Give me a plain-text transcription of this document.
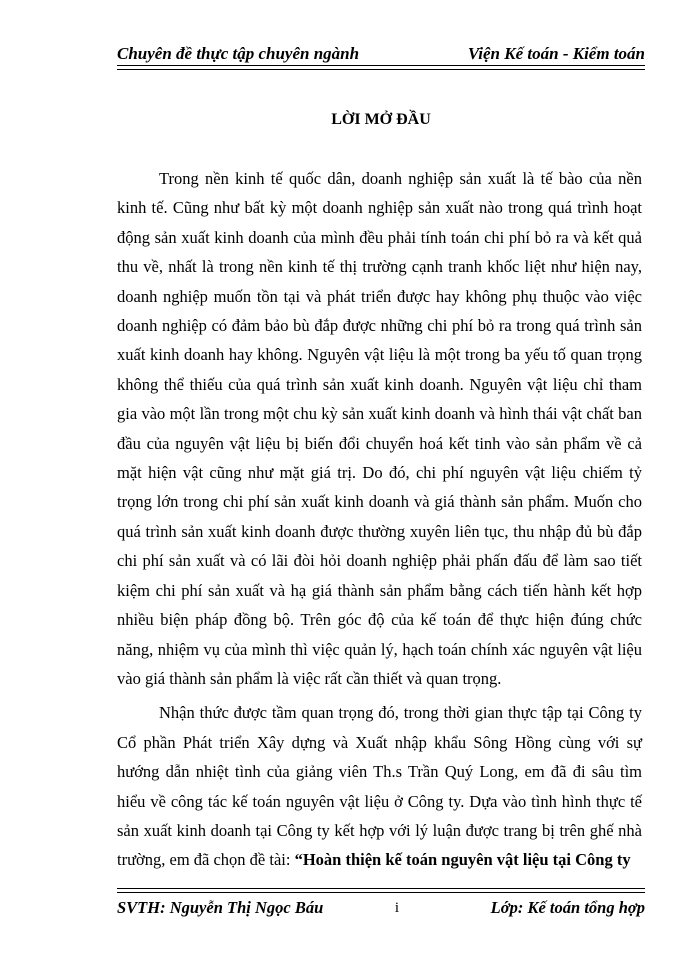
Chuyên đề thực tập chuyên ngành	Viện Kế toán - Kiểm toán
LỜI MỞ ĐẦU

Trong nền kinh tế quốc dân, doanh nghiệp sản xuất là tế bào của nền kinh tế. Cũng như bất kỳ một doanh nghiệp sản xuất nào trong quá trình hoạt động sản xuất kinh doanh của mình đều phải tính toán chi phí bỏ ra và kết quả thu về, nhất là trong nền kinh tế thị trường cạnh tranh khốc liệt như hiện nay, doanh nghiệp muốn tồn tại và phát triển được hay không phụ thuộc vào việc doanh nghiệp có đảm bảo bù đắp được những chi phí bỏ ra trong quá trình sản xuất kinh doanh hay không. Nguyên vật liệu là một trong ba yếu tố quan trọng không thể thiếu của quá trình sản xuất kinh doanh. Nguyên vật liệu chỉ tham gia vào một lần trong một chu kỳ sản xuất kinh doanh và hình thái vật chất ban đầu của nguyên vật liệu bị biến đổi chuyển hoá kết tinh vào sản phẩm về cả mặt hiện vật cũng như mặt giá trị. Do đó, chi phí nguyên vật liệu chiếm tỷ trọng lớn trong chi phí sản xuất kinh doanh và giá thành sản phẩm. Muốn cho quá trình sản xuất kinh doanh được thường xuyên liên tục, thu nhập đủ bù đắp chi phí sản xuất và có lãi đòi hỏi doanh nghiệp phải phấn đấu để làm sao tiết kiệm chi phí sản xuất và hạ giá thành sản phẩm bằng cách tiến hành kết hợp nhiều biện pháp đồng bộ. Trên góc độ của kế toán để thực hiện đúng chức năng, nhiệm vụ của mình thì việc quản lý, hạch toán chính xác nguyên vật liệu vào giá thành sản phẩm là việc rất cần thiết và quan trọng.

Nhận thức được tầm quan trọng đó, trong thời gian thực tập tại Công ty Cổ phần Phát triển Xây dựng và Xuất nhập khẩu Sông Hồng cùng với sự hướng dẫn nhiệt tình của giảng viên Th.s Trần Quý Long, em đã đi sâu tìm hiểu về công tác kế toán nguyên vật liệu ở Công ty. Dựa vào tình hình thực tế sản xuất kinh doanh tại Công ty kết hợp với lý luận được trang bị trên ghế nhà trường, em đã chọn đề tài: “Hoàn thiện kế toán nguyên vật liệu tại Công ty

SVTH: Nguyễn Thị Ngọc Báu	i	Lớp: Kế toán tổng hợp
